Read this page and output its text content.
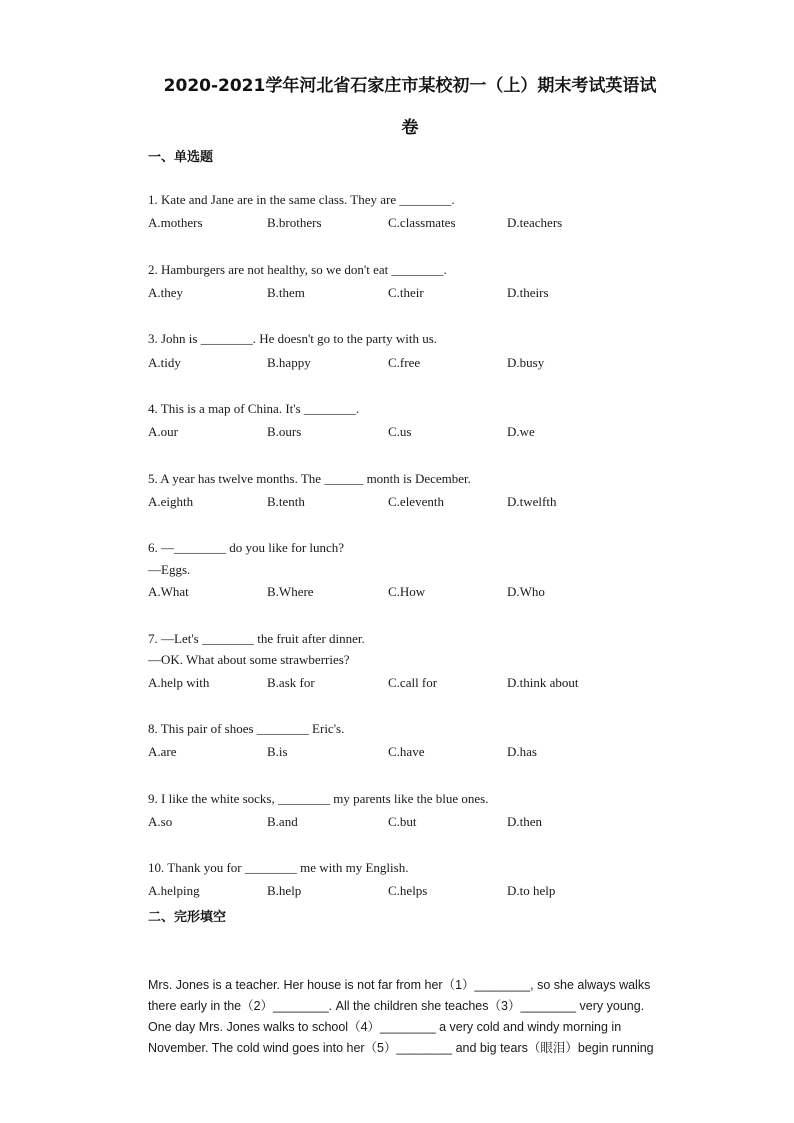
2020-2021学年河北省石家庄市某校初一（上）期末考试英语试
卷
一、单选题
1. Kate and Jane are in the same class. They are ________.
A.mothers	B.brothers	C.classmates	D.teachers
2. Hamburgers are not healthy, so we don't eat ________.
A.they	B.them	C.their	D.theirs
3. John is ________. He doesn't go to the party with us.
A.tidy	B.happy	C.free	D.busy
4. This is a map of China. It's ________.
A.our	B.ours	C.us	D.we
5. A year has twelve months. The ______ month is December.
A.eighth	B.tenth	C.eleventh	D.twelfth
6. —________ do you like for lunch?
—Eggs.
A.What	B.Where	C.How	D.Who
7. —Let's ________ the fruit after dinner.
—OK. What about some strawberries?
A.help with	B.ask for	C.call for	D.think about
8. This pair of shoes ________ Eric's.
A.are	B.is	C.have	D.has
9. I like the white socks, ________ my parents like the blue ones.
A.so	B.and	C.but	D.then
10. Thank you for ________ me with my English.
A.helping	B.help	C.helps	D.to help
二、完形填空
Mrs. Jones is a teacher. Her house is not far from her（1）________, so she always walks
there early in the（2）________. All the children she teaches（3）________ very young.
One day Mrs. Jones walks to school（4）________ a very cold and windy morning in
November. The cold wind goes into her（5）________ and big tears（眼泪）begin running
